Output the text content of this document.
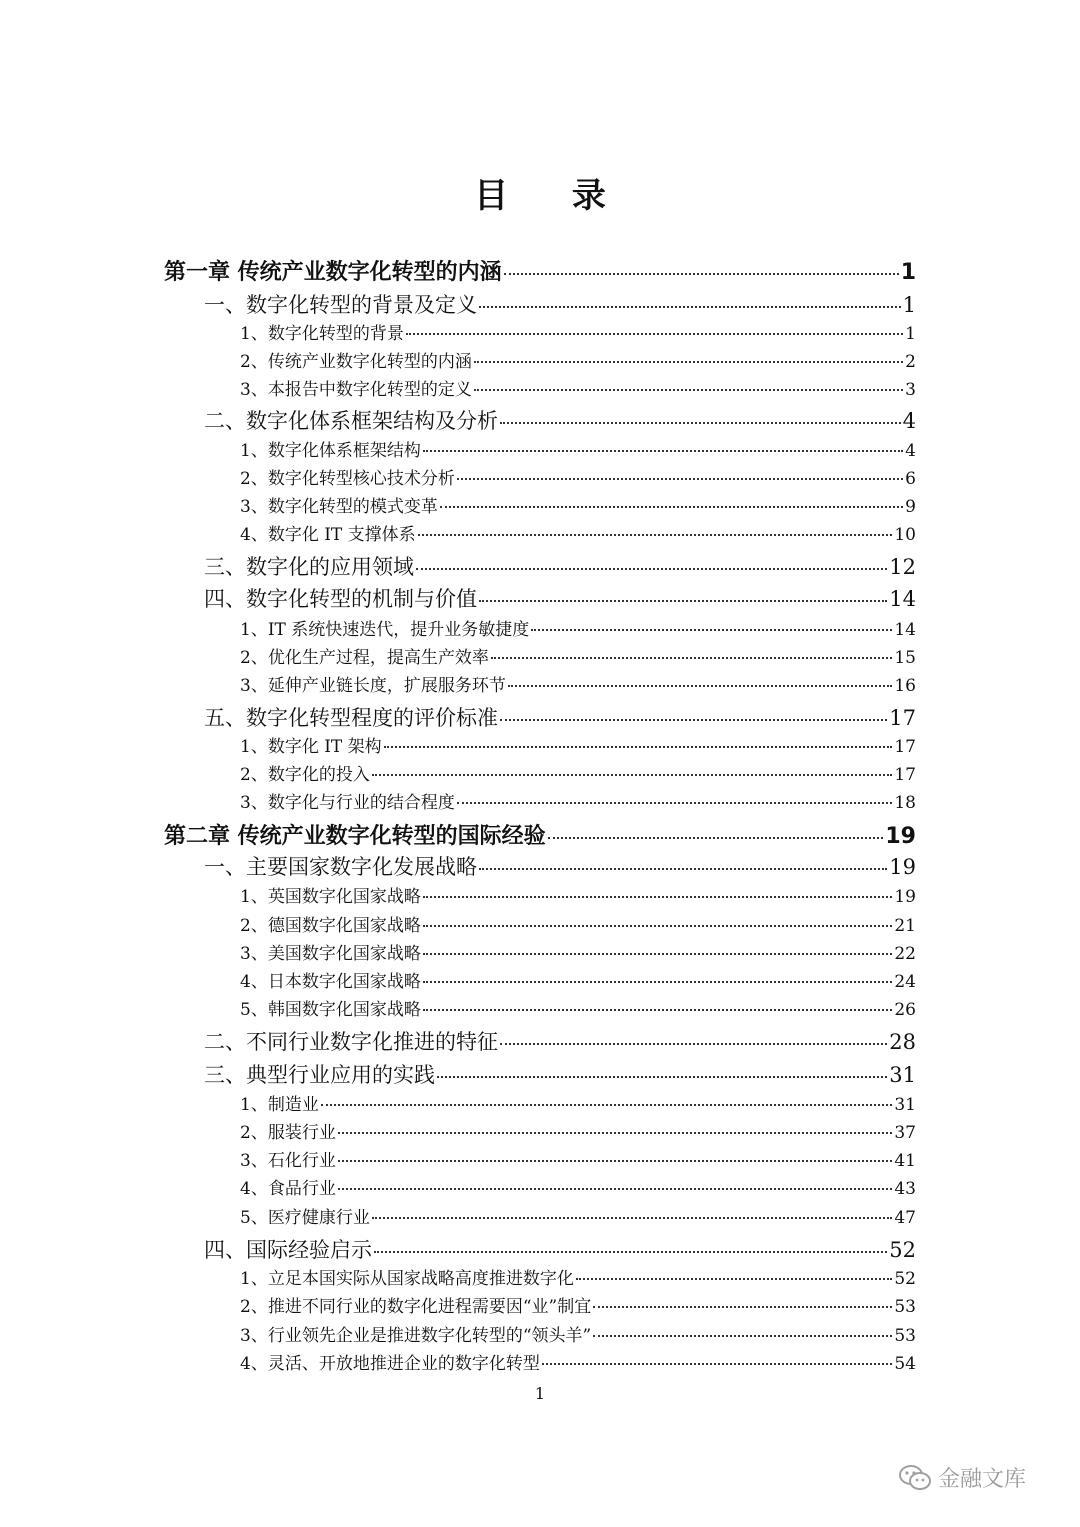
目 录
第一章 传统产业数字化转型的内涵	1
一、数字化转型的背景及定义	1
1、数字化转型的背景	1
2、传统产业数字化转型的内涵	2
3、本报告中数字化转型的定义	3
二、数字化体系框架结构及分析	4
1、数字化体系框架结构	4
2、数字化转型核心技术分析	6
3、数字化转型的模式变革	9
4、数字化 IT 支撑体系	10
三、数字化的应用领域	12
四、数字化转型的机制与价值	14
1、IT 系统快速迭代，提升业务敏捷度	14
2、优化生产过程，提高生产效率	15
3、延伸产业链长度，扩展服务环节	16
五、数字化转型程度的评价标准	17
1、数字化 IT 架构	17
2、数字化的投入	17
3、数字化与行业的结合程度	18
第二章 传统产业数字化转型的国际经验	19
一、主要国家数字化发展战略	19
1、英国数字化国家战略	19
2、德国数字化国家战略	21
3、美国数字化国家战略	22
4、日本数字化国家战略	24
5、韩国数字化国家战略	26
二、不同行业数字化推进的特征	28
三、典型行业应用的实践	31
1、制造业	31
2、服装行业	37
3、石化行业	41
4、食品行业	43
5、医疗健康行业	47
四、国际经验启示	52
1、立足本国实际从国家战略高度推进数字化	52
2、推进不同行业的数字化进程需要因“业”制宜	53
3、行业领先企业是推进数字化转型的“领头羊”	53
4、灵活、开放地推进企业的数字化转型	54
1
金融文库
